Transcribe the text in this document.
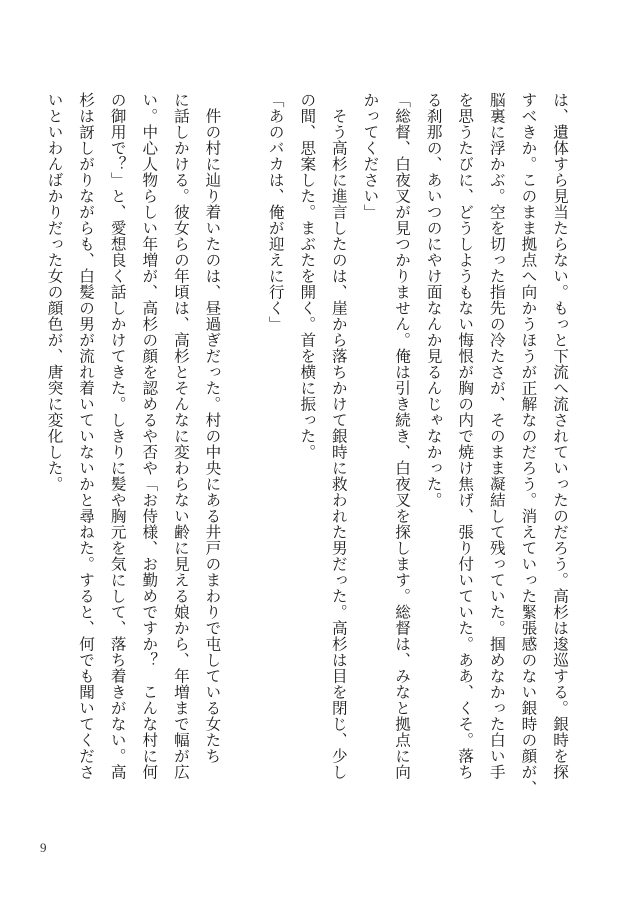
は、遺体すら見当たらない。もっと下流へ流されていったのだろう。高杉は逡巡する。銀時を探
すべきか。このまま拠点へ向かうほうが正解なのだろう。消えていった緊張感のない銀時の顔が、
脳裏に浮かぶ。空を切った指先の冷たさが、そのまま凝結して残っていた。掴めなかった白い手
を思うたびに、どうしようもない悔恨が胸の内で焼け焦げ、張り付いていた。ああ、くそ。落ち
る刹那の、あいつのにやけ面なんか見るんじゃなかった。
「総督、白夜叉が見つかりません。俺は引き続き、白夜叉を探します。総督は、みなと拠点に向
かってください」
　そう高杉に進言したのは、崖から落ちかけて銀時に救われた男だった。高杉は目を閉じ、少し
の間、思案した。まぶたを開く。首を横に振った。
「あのバカは、俺が迎えに行く」

　件の村に辿り着いたのは、昼過ぎだった。村の中央にある井戸のまわりで屯している女たち
に話しかける。彼女らの年頃は、高杉とそんなに変わらない齢に見える娘から、年増まで幅が広
い。中心人物らしい年増が、高杉の顔を認めるや否や「お侍様、お勤めですか？　こんな村に何
の御用で？」と、愛想良く話しかけてきた。しきりに髪や胸元を気にして、落ち着きがない。高
杉は訝しがりながらも、白髪の男が流れ着いていないかと尋ねた。すると、何でも聞いてくださ
いといわんばかりだった女の顔色が、唐突に変化した。
9
